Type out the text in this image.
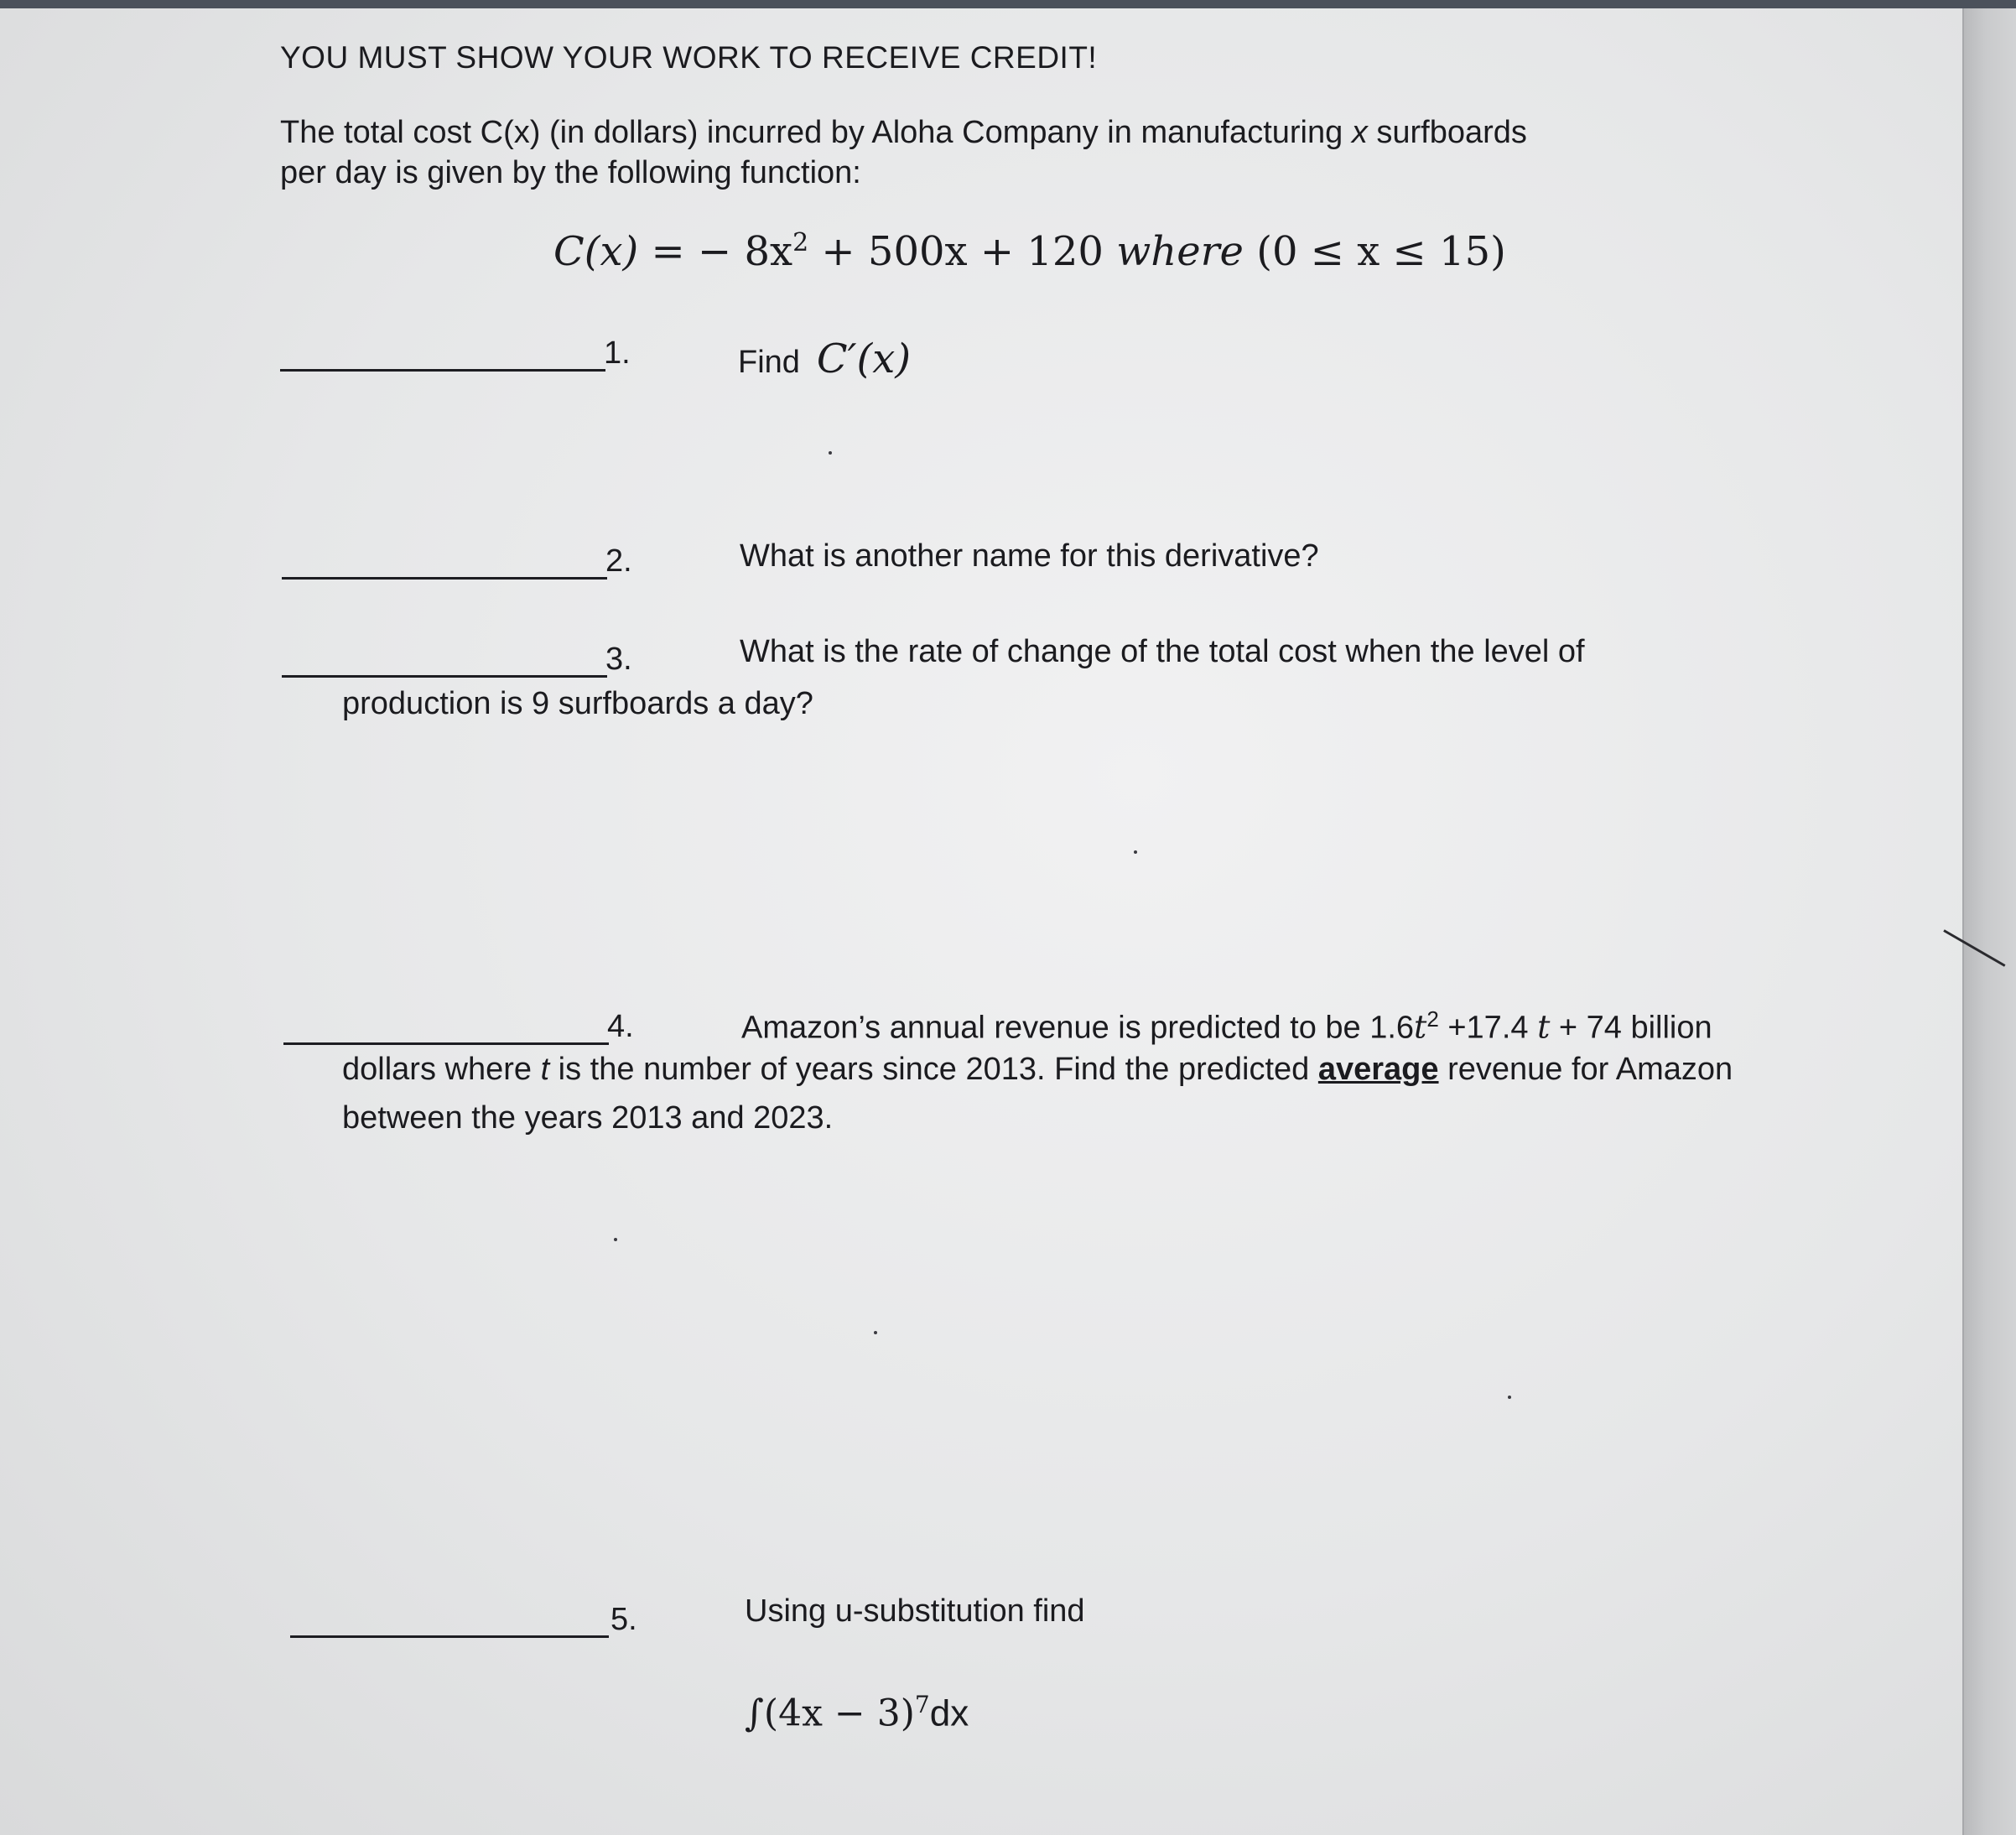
YOU MUST SHOW YOUR WORK TO RECEIVE CREDIT!

The total cost C(x) (in dollars) incurred by Aloha Company in manufacturing x surfboards
per day is given by the following function:
C(x) = − $8x^2 + 500x + 120$ where (0 ≤ x ≤ 15)
1.	Find C′(x)
2.	What is another name for this derivative?
3.	What is the rate of change of the total cost when the level of
production is 9 surfboards a day?
4.	Amazon’s annual revenue is predicted to be $1.6t^2 +17.4$ t + 74 billion
dollars where t is the number of years since 2013. Find the predicted average revenue for Amazon
between the years 2013 and 2023.
5.	Using u-substitution find
$\int(4x - 3)^7dx$
